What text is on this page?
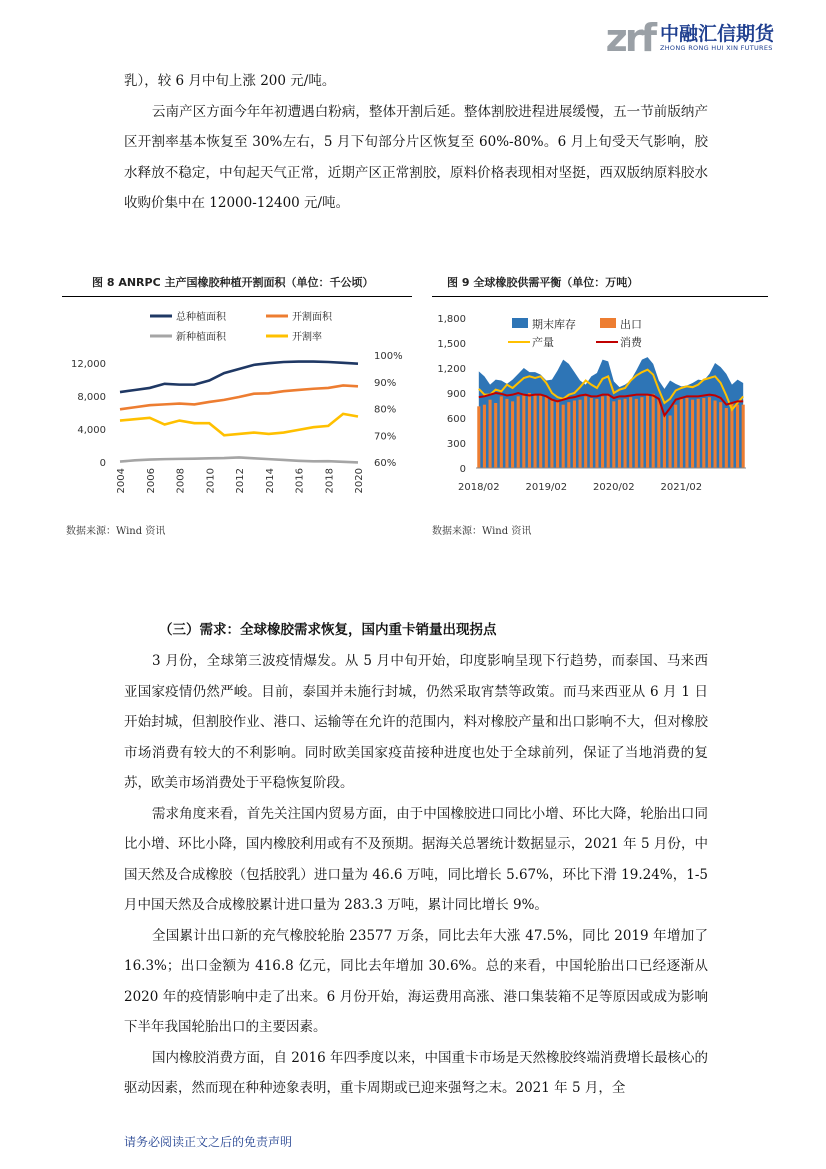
zrf 中融汇信期货
ZHONG RONG HUI XIN FUTURES

乳），较 6 月中旬上涨 200 元/吨。

云南产区方面今年年初遭遇白粉病，整体开割后延。整体割胶进程进展缓慢，五一节前版纳产区开割率基本恢复至 30%左右，5 月下旬部分片区恢复至 60%-80%。6 月上旬受天气影响，胶水释放不稳定，中旬起天气正常，近期产区正常割胶，原料价格表现相对坚挺，西双版纳原料胶水收购价集中在 12000-12400 元/吨。

图 8 ANRPC 主产国橡胶种植开割面积（单位：千公顷）	图 9 全球橡胶供需平衡（单位：万吨）
12,000
8,000
4,000
0
100%
90%
80%
70%
60%
2004 2006 2008 2010 2012 2014 2016 2018 2020
总种植面积	开割面积
新种植面积	开割率
1,800
1,500
1,200
900
600
300
0
2018/02	2019/02	2020/02	2021/02
期末库存	出口
产量	消费
数据来源：Wind 资讯	数据来源：Wind 资讯
（三）需求：全球橡胶需求恢复，国内重卡销量出现拐点

3 月份，全球第三波疫情爆发。从 5 月中旬开始，印度影响呈现下行趋势，而泰国、马来西亚国家疫情仍然严峻。目前，泰国并未施行封城，仍然采取宵禁等政策。而马来西亚从 6 月 1 日开始封城，但割胶作业、港口、运输等在允许的范围内，料对橡胶产量和出口影响不大，但对橡胶市场消费有较大的不利影响。同时欧美国家疫苗接种进度也处于全球前列，保证了当地消费的复苏，欧美市场消费处于平稳恢复阶段。

需求角度来看，首先关注国内贸易方面，由于中国橡胶进口同比小增、环比大降，轮胎出口同比小增、环比小降，国内橡胶利用或有不及预期。据海关总署统计数据显示，2021 年 5 月份，中国天然及合成橡胶（包括胶乳）进口量为 46.6 万吨，同比增长 5.67%，环比下滑 19.24%，1-5 月中国天然及合成橡胶累计进口量为 283.3 万吨，累计同比增长 9%。

全国累计出口新的充气橡胶轮胎 23577 万条，同比去年大涨 47.5%，同比 2019 年增加了 16.3%；出口金额为 416.8 亿元，同比去年增加 30.6%。总的来看，中国轮胎出口已经逐渐从 2020 年的疫情影响中走了出来。6 月份开始，海运费用高涨、港口集装箱不足等原因或成为影响下半年我国轮胎出口的主要因素。

国内橡胶消费方面，自 2016 年四季度以来，中国重卡市场是天然橡胶终端消费增长最核心的驱动因素，然而现在种种迹象表明，重卡周期或已迎来强弩之末。2021 年 5 月，全

请务必阅读正文之后的免责声明
